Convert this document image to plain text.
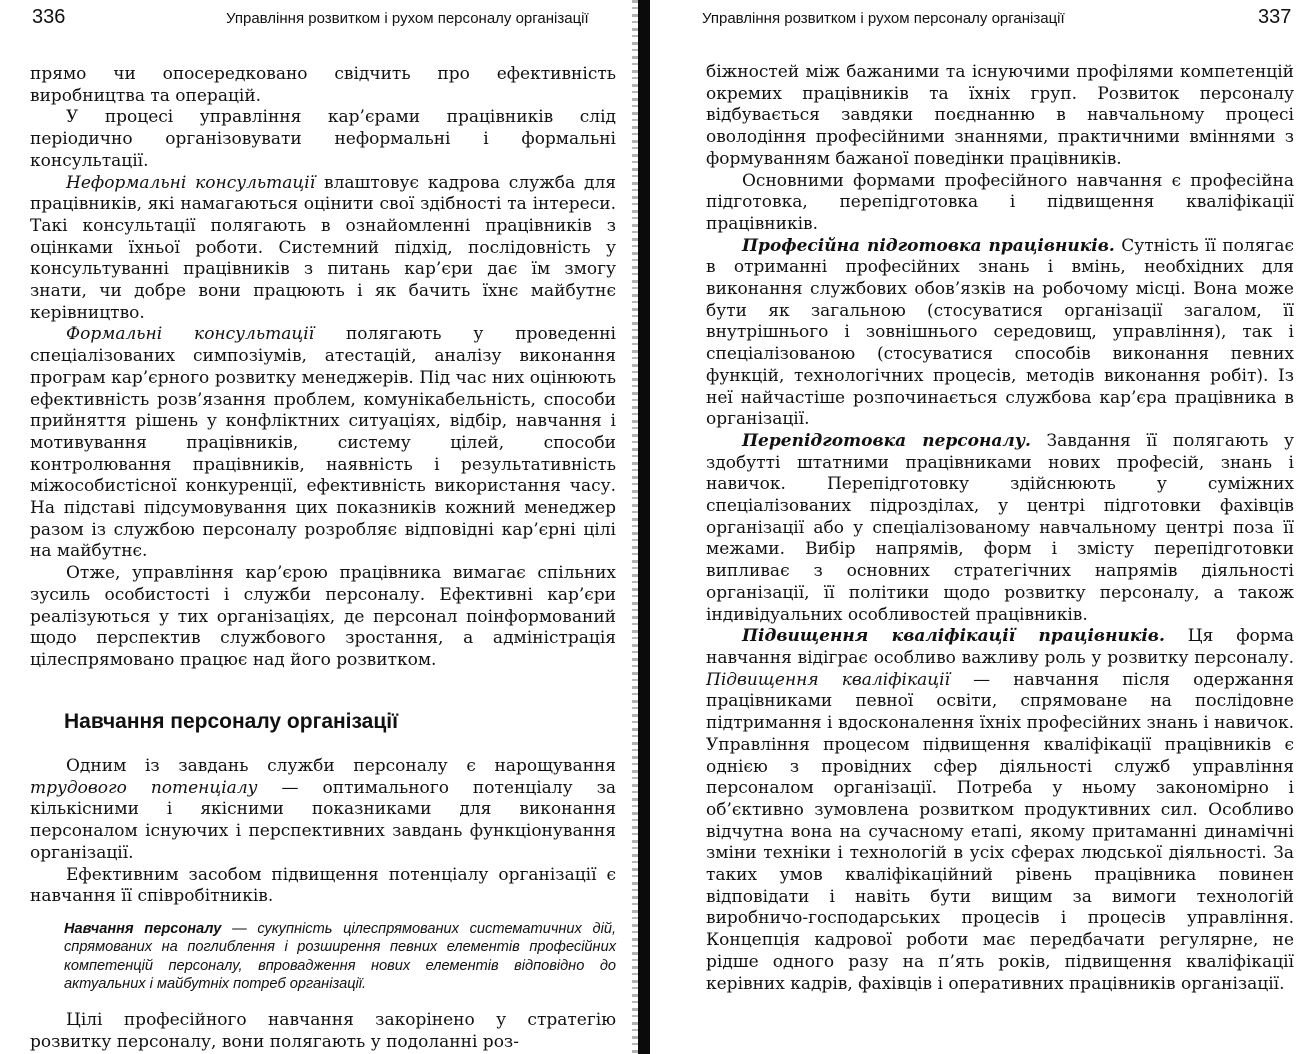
336	Управління розвитком і рухом персоналу організації

прямо чи опосередковано свідчить про ефективність виробництва та операцій.

У процесі управління кар’єрами працівників слід періодично організовувати неформальні і формальні консультації.

Неформальні консультації влаштовує кадрова служба для працівників, які намагаються оцінити свої здібності та інтереси. Такі консультації полягають в ознайомленні працівників з оцінками їхньої роботи. Системний підхід, послідовність у консультуванні працівників з питань кар’єри дає їм змогу знати, чи добре вони працюють і як бачить їхнє майбутнє керівництво.

Формальні консультації полягають у проведенні спеціалізованих симпозіумів, атестацій, аналізу виконання програм кар’єрного розвитку менеджерів. Під час них оцінюють ефективність розв’язання проблем, комунікабельність, способи прийняття рішень у конфліктних ситуаціях, відбір, навчання і мотивування працівників, систему цілей, способи контролювання працівників, наявність і результативність міжособистісної конкуренції, ефективність використання часу. На підставі підсумовування цих показників кожний менеджер разом із службою персоналу розробляє відповідні кар’єрні цілі на майбутнє.

Отже, управління кар’єрою працівника вимагає спільних зусиль особистості і служби персоналу. Ефективні кар’єри реалізуються у тих організаціях, де персонал поінформований щодо перспектив службового зростання, а адміністрація цілеспрямовано працює над його розвитком.

Навчання персоналу організації

Одним із завдань служби персоналу є нарощування трудового потенціалу — оптимального потенціалу за кількісними і якісними показниками для виконання персоналом існуючих і перспективних завдань функціонування організації.

Ефективним засобом підвищення потенціалу організації є навчання її співробітників.

Навчання персоналу — сукупність цілеспрямованих систематичних дій, спрямованих на поглиблення і розширення певних елементів професійних компетенцій персоналу, впровадження нових елементів відповідно до актуальних і майбутніх потреб організації.

Цілі професійного навчання закорінено у стратегію розвитку персоналу, вони полягають у подоланні роз-

Управління розвитком і рухом персоналу організації	337

біжностей між бажаними та існуючими профілями компетенцій окремих працівників та їхніх груп. Розвиток персоналу відбувається завдяки поєднанню в навчальному процесі оволодіння професійними знаннями, практичними вміннями з формуванням бажаної поведінки працівників.

Основними формами професійного навчання є професійна підготовка, перепідготовка і підвищення кваліфікації працівників.

Професійна підготовка працівників. Сутність її полягає в отриманні професійних знань і вмінь, необхідних для виконання службових обов’язків на робочому місці. Вона може бути як загальною (стосуватися організації загалом, її внутрішнього і зовнішнього середовищ, управління), так і спеціалізованою (стосуватися способів виконання певних функцій, технологічних процесів, методів виконання робіт). Із неї найчастіше розпочинається службова кар’єра працівника в організації.

Перепідготовка персоналу. Завдання її полягають у здобутті штатними працівниками нових професій, знань і навичок. Перепідготовку здійснюють у суміжних спеціалізованих підрозділах, у центрі підготовки фахівців організації або у спеціалізованому навчальному центрі поза її межами. Вибір напрямів, форм і змісту перепідготовки випливає з основних стратегічних напрямів діяльності організації, її політики щодо розвитку персоналу, а також індивідуальних особливостей працівників.

Підвищення кваліфікації працівників. Ця форма навчання відіграє особливо важливу роль у розвитку персоналу. Підвищення кваліфікації — навчання після одержання працівниками певної освіти, спрямоване на послідовне підтримання і вдосконалення їхніх професійних знань і навичок. Управління процесом підвищення кваліфікації працівників є однією з провідних сфер діяльності служб управління персоналом організації. Потреба у ньому закономірно і об’єктивно зумовлена розвитком продуктивних сил. Особливо відчутна вона на сучасному етапі, якому притаманні динамічні зміни техніки і технологій в усіх сферах людської діяльності. За таких умов кваліфікаційний рівень працівника повинен відповідати і навіть бути вищим за вимоги технологій виробничо-господарських процесів і процесів управління. Концепція кадрової роботи має передбачати регулярне, не рідше одного разу на п’ять років, підвищення кваліфікації керівних кадрів, фахівців і оперативних працівників організації.
